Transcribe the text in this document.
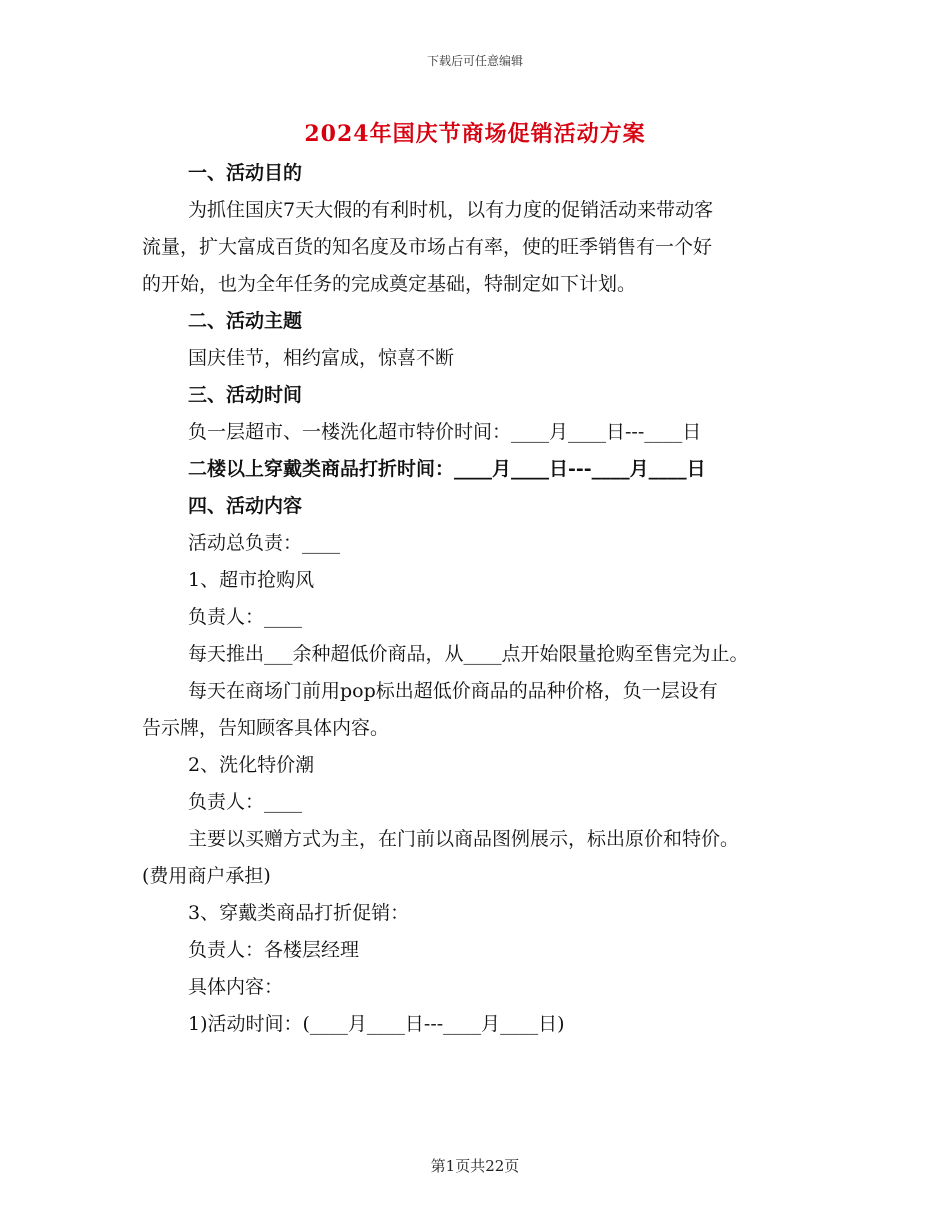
下载后可任意编辑
2024年国庆节商场促销活动方案
一、活动目的
为抓住国庆7天大假的有利时机，以有力度的促销活动来带动客
流量，扩大富成百货的知名度及市场占有率，使的旺季销售有一个好
的开始，也为全年任务的完成奠定基础，特制定如下计划。
二、活动主题
国庆佳节，相约富成，惊喜不断
三、活动时间
负一层超市、一楼洗化超市特价时间：____月____日---____日
二楼以上穿戴类商品打折时间：____月____日---____月____日
四、活动内容
活动总负责：____
1、超市抢购风
负责人：____
每天推出___余种超低价商品，从____点开始限量抢购至售完为止。
每天在商场门前用pop标出超低价商品的品种价格，负一层设有
告示牌，告知顾客具体内容。
2、洗化特价潮
负责人：____
主要以买赠方式为主，在门前以商品图例展示，标出原价和特价。
(费用商户承担)
3、穿戴类商品打折促销：
负责人：各楼层经理
具体内容：
1)活动时间：(____月____日---____月____日)
第1页共22页
